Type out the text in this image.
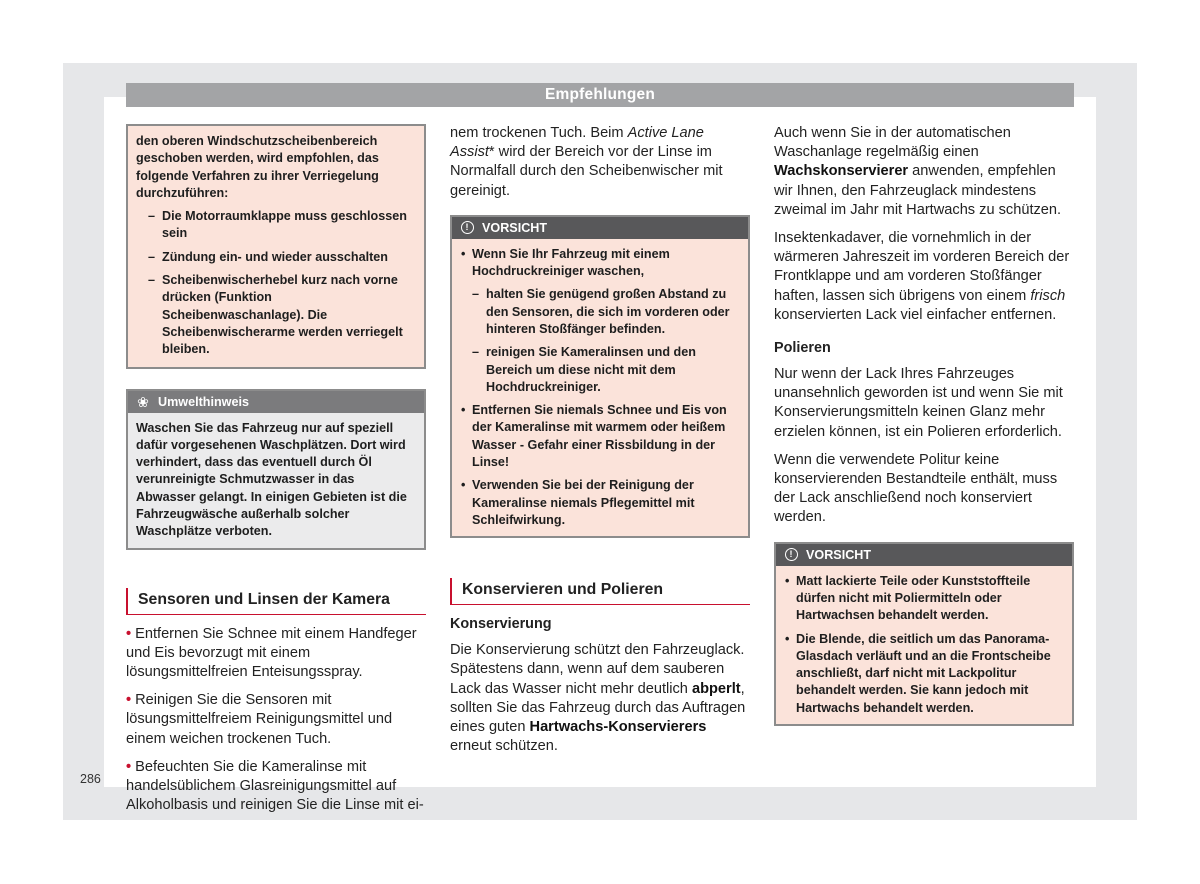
Empfehlungen

den oberen Windschutzscheibenbereich geschoben werden, wird empfohlen, das folgende Verfahren zu ihrer Verriegelung durchzuführen:

– Die Motorraumklappe muss geschlossen sein

– Zündung ein- und wieder ausschalten

– Scheibenwischerhebel kurz nach vorne drücken (Funktion Scheibenwaschanlage). Die Scheibenwischerarme werden verriegelt bleiben.

❀ Umwelthinweis

Waschen Sie das Fahrzeug nur auf speziell dafür vorgesehenen Waschplätzen. Dort wird verhindert, dass das eventuell durch Öl verunreinigte Schmutzwasser in das Abwasser gelangt. In einigen Gebieten ist die Fahrzeugwäsche außerhalb solcher Waschplätze verboten.

Sensoren und Linsen der Kamera

• Entfernen Sie Schnee mit einem Handfeger und Eis bevorzugt mit einem lösungsmittelfreien Enteisungsspray.

• Reinigen Sie die Sensoren mit lösungsmittelfreiem Reinigungsmittel und einem weichen trockenen Tuch.

• Befeuchten Sie die Kameralinse mit handelsüblichem Glasreinigungsmittel auf Alkoholbasis und reinigen Sie die Linse mit ei-

nem trockenen Tuch. Beim Active Lane Assist* wird der Bereich vor der Linse im Normalfall durch den Scheibenwischer mit gereinigt.

!	VORSICHT

• Wenn Sie Ihr Fahrzeug mit einem Hochdruckreiniger waschen,

– halten Sie genügend großen Abstand zu den Sensoren, die sich im vorderen oder hinteren Stoßfänger befinden.

– reinigen Sie Kameralinsen und den Bereich um diese nicht mit dem Hochdruckreiniger.

• Entfernen Sie niemals Schnee und Eis von der Kameralinse mit warmem oder heißem Wasser - Gefahr einer Rissbildung in der Linse!

• Verwenden Sie bei der Reinigung der Kameralinse niemals Pflegemittel mit Schleifwirkung.

Konservieren und Polieren
Konservierung

Die Konservierung schützt den Fahrzeuglack. Spätestens dann, wenn auf dem sauberen Lack das Wasser nicht mehr deutlich abperlt, sollten Sie das Fahrzeug durch das Auftragen eines guten Hartwachs-Konservierers erneut schützen.

Auch wenn Sie in der automatischen Waschanlage regelmäßig einen Wachskonservierer anwenden, empfehlen wir Ihnen, den Fahrzeuglack mindestens zweimal im Jahr mit Hartwachs zu schützen.

Insektenkadaver, die vornehmlich in der wärmeren Jahreszeit im vorderen Bereich der Frontklappe und am vorderen Stoßfänger haften, lassen sich übrigens von einem frisch konservierten Lack viel einfacher entfernen.

Polieren

Nur wenn der Lack Ihres Fahrzeuges unansehnlich geworden ist und wenn Sie mit Konservierungsmitteln keinen Glanz mehr erzielen können, ist ein Polieren erforderlich.

Wenn die verwendete Politur keine konservierenden Bestandteile enthält, muss der Lack anschließend noch konserviert werden.

!	VORSICHT

• Matt lackierte Teile oder Kunststoffteile dürfen nicht mit Poliermitteln oder Hartwachsen behandelt werden.

• Die Blende, die seitlich um das Panorama-Glasdach verläuft und an die Frontscheibe anschließt, darf nicht mit Lackpolitur behandelt werden. Sie kann jedoch mit Hartwachs behandelt werden.

286
